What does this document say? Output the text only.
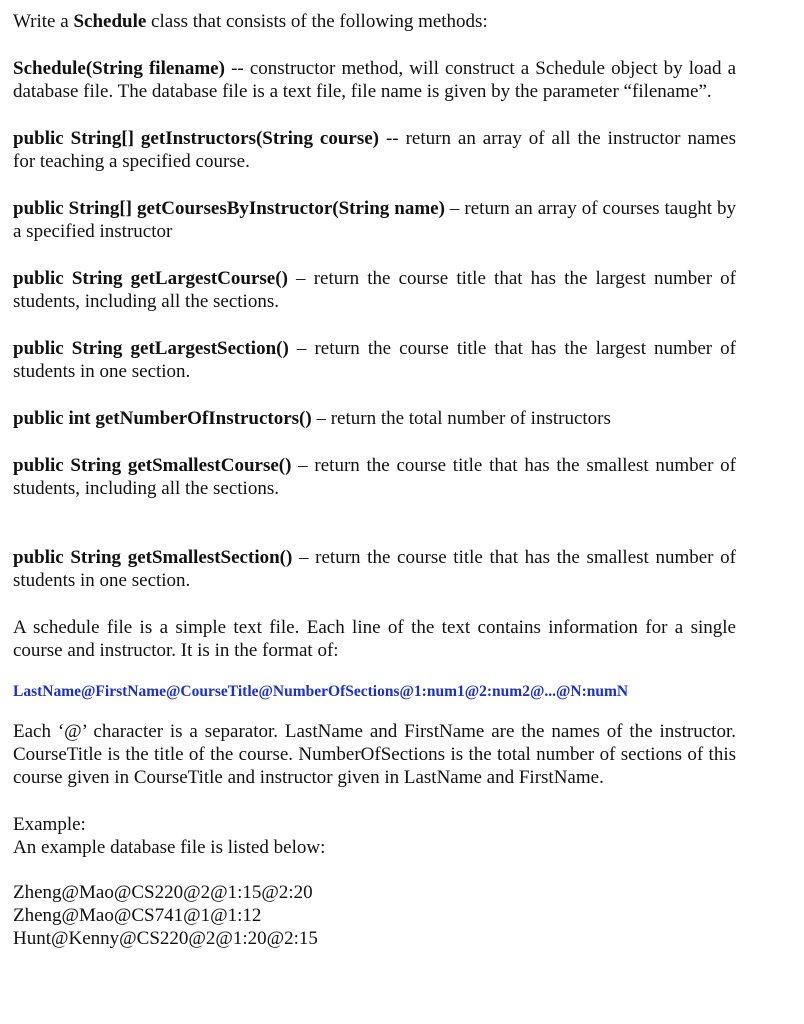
Write a Schedule class that consists of the following methods:

Schedule(String filename) -- constructor method, will construct a Schedule object by load a database file. The database file is a text file, file name is given by the parameter “filename”.

public String[] getInstructors(String course) -- return an array of all the instructor names for teaching a specified course.

public String[] getCoursesByInstructor(String name) – return an array of courses taught by a specified instructor

public String getLargestCourse() – return the course title that has the largest number of students, including all the sections.

public String getLargestSection() – return the course title that has the largest number of students in one section.

public int getNumberOfInstructors() – return the total number of instructors

public String getSmallestCourse() – return the course title that has the smallest number of students, including all the sections.

public String getSmallestSection() – return the course title that has the smallest number of students in one section.

A schedule file is a simple text file. Each line of the text contains information for a single course and instructor. It is in the format of:

LastName@FirstName@CourseTitle@NumberOfSections@1:num1@2:num2@...@N:numN

Each ‘@’ character is a separator. LastName and FirstName are the names of the instructor. CourseTitle is the title of the course. NumberOfSections is the total number of sections of this course given in CourseTitle and instructor given in LastName and FirstName.

Example:

An example database file is listed below:

Zheng@Mao@CS220@2@1:15@2:20

Zheng@Mao@CS741@1@1:12

Hunt@Kenny@CS220@2@1:20@2:15
